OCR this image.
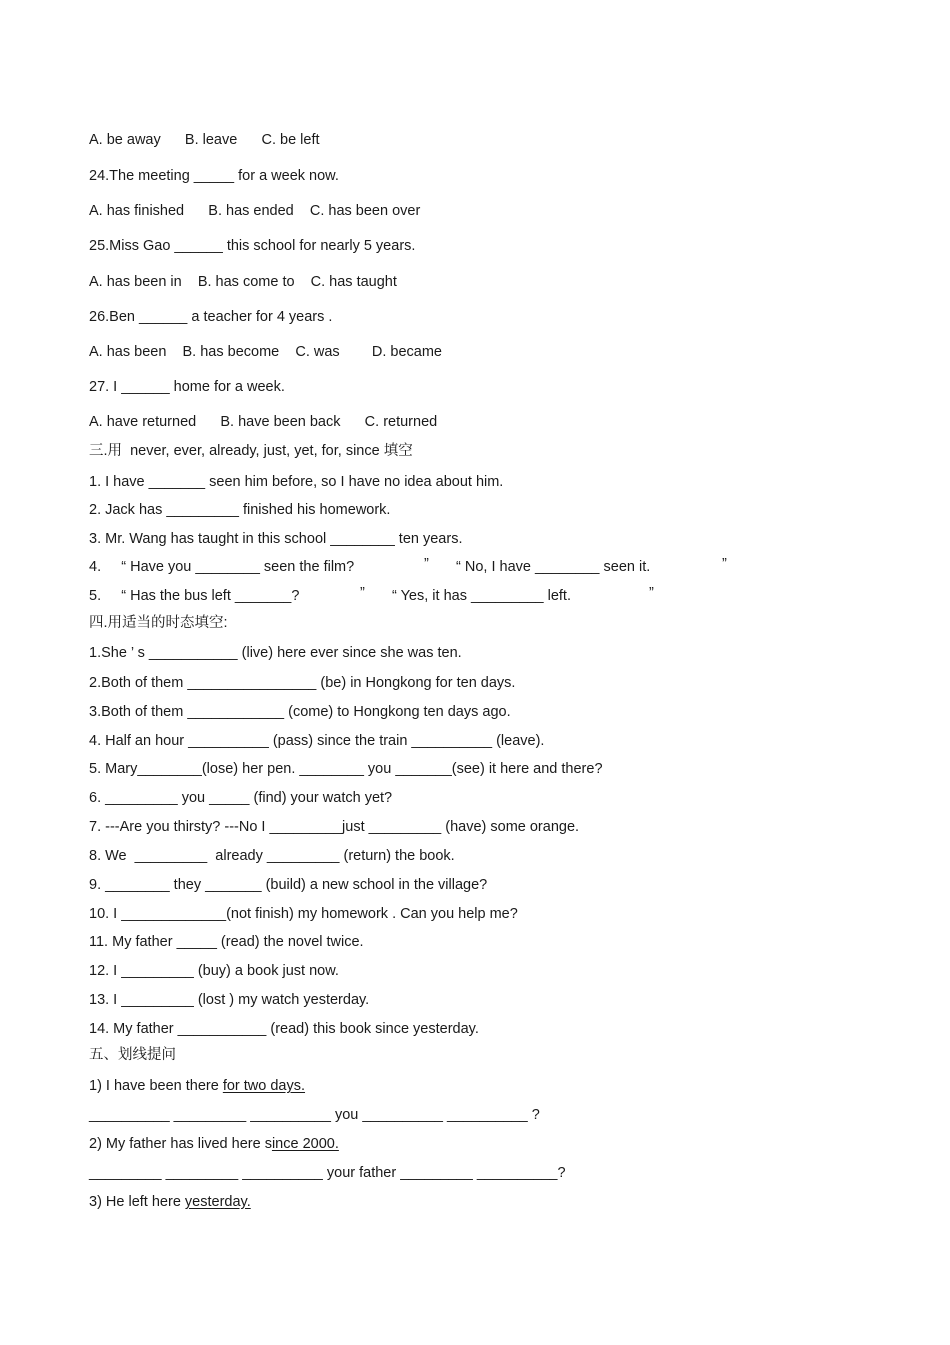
A. be away      B. leave      C. be left
24.The meeting _____ for a week now.
A. has finished      B. has ended    C. has been over
25.Miss Gao ______ this school for nearly 5 years.
A. has been in    B. has come to    C. has taught
26.Ben ______ a teacher for 4 years .
A. has been    B. has become    C. was        D. became
27. I ______ home for a week.
A. have returned      B. have been back      C. returned
三.用  never, ever, already, just, yet, for, since 填空
1. I have _______ seen him before, so I have no idea about him.
2. Jack has _________ finished his homework.
3. Mr. Wang has taught in this school ________ ten years.
4.     “ Have you ________ seen the film?	” “ No, I have ________ seen it.	”
5.     “ Has the bus left _______?	” “ Yes, it has _________ left.	”
四.用适当的时态填空:
1.She ’ s ___________ (live) here ever since she was ten.
2.Both of them ________________ (be) in Hongkong for ten days.
3.Both of them ____________ (come) to Hongkong ten days ago.
4. Half an hour __________ (pass) since the train __________ (leave).
5. Mary________(lose) her pen. ________ you _______(see) it here and there?
6. _________ you _____ (find) your watch yet?
7. ---Are you thirsty? ---No I _________just _________ (have) some orange.
8. We  _________  already _________ (return) the book.
9. ________ they _______ (build) a new school in the village?
10. I _____________(not finish) my homework . Can you help me?
11. My father _____ (read) the novel twice.
12. I _________ (buy) a book just now.
13. I _________ (lost ) my watch yesterday.
14. My father ___________ (read) this book since yesterday.
五、划线提问
1) I have been there for two days.
__________ _________ __________ you __________ __________ ?
2) My father has lived here since 2000.
_________ _________ __________ your father _________ __________?
3) He left here yesterday.
